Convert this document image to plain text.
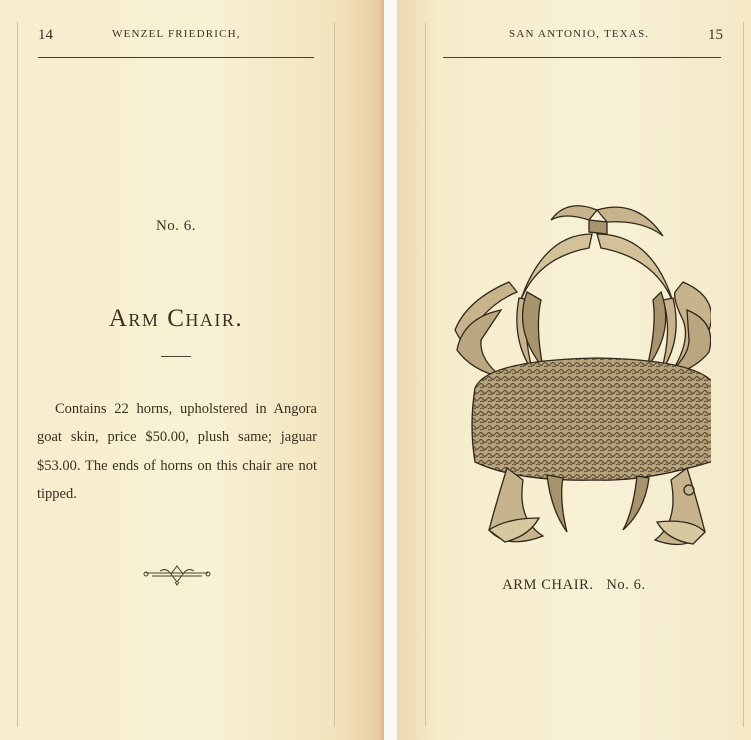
14	WENZEL FRIEDRICH,
No. 6.
Arm Chair.

Contains 22 horns, upholstered in Angora goat skin, price $50.00, plush same; jaguar $53.00. The ends of horns on this chair are not tipped.

SAN ANTONIO, TEXAS.	15
ARM CHAIR. No. 6.
